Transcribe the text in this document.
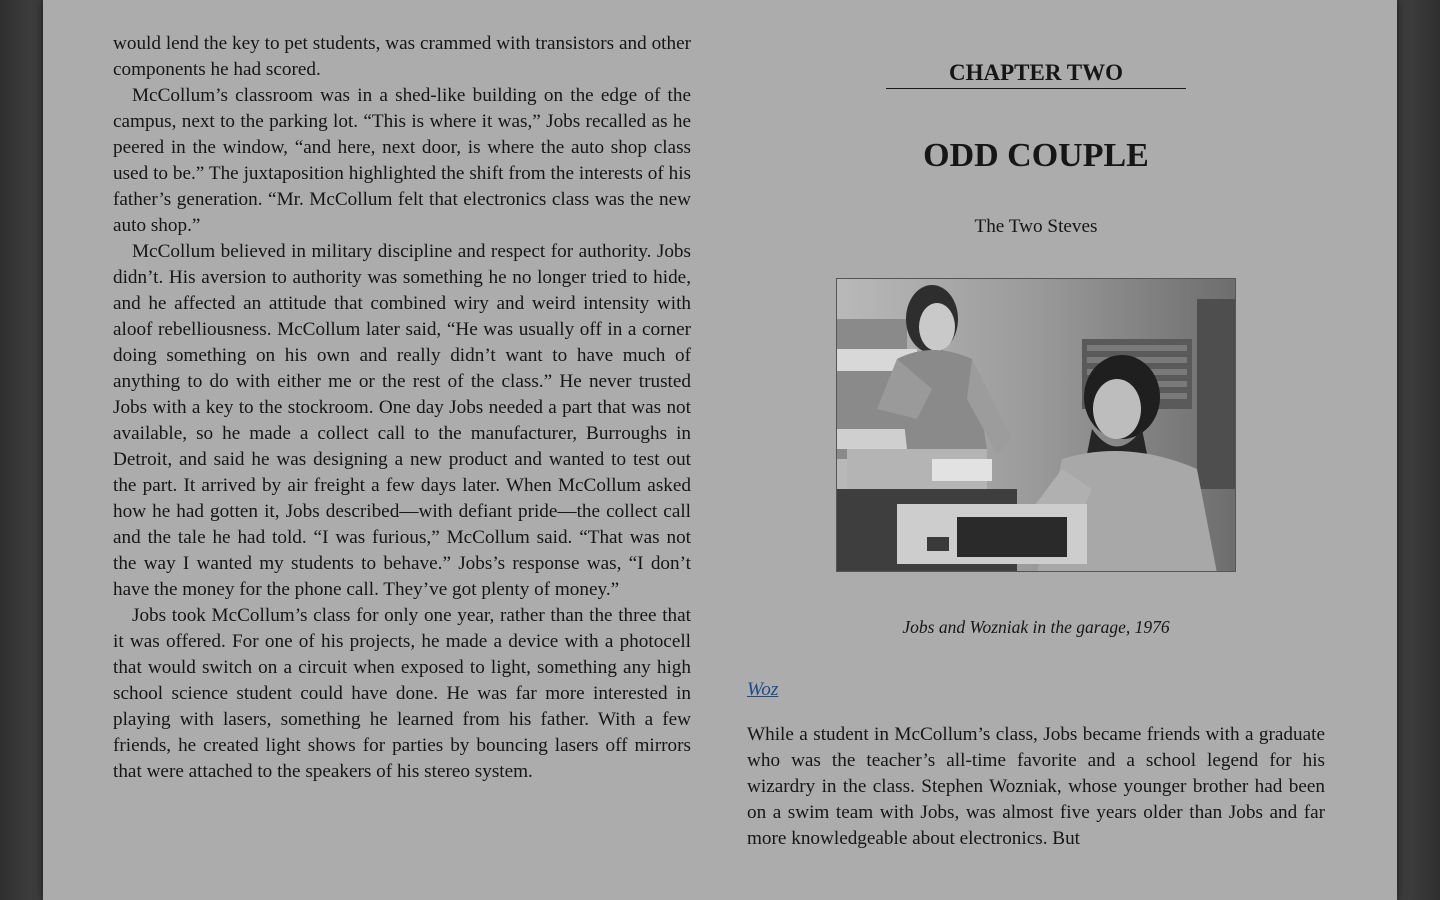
would lend the key to pet students, was crammed with transistors and other components he had scored.

McCollum’s classroom was in a shed-like building on the edge of the campus, next to the parking lot. “This is where it was,” Jobs recalled as he peered in the window, “and here, next door, is where the auto shop class used to be.” The juxtaposition highlighted the shift from the interests of his father’s generation. “Mr. McCollum felt that electronics class was the new auto shop.”

McCollum believed in military discipline and respect for authority. Jobs didn’t. His aversion to authority was something he no longer tried to hide, and he affected an attitude that combined wiry and weird intensity with aloof rebelliousness. McCollum later said, “He was usually off in a corner doing something on his own and really didn’t want to have much of anything to do with either me or the rest of the class.” He never trusted Jobs with a key to the stockroom. One day Jobs needed a part that was not available, so he made a collect call to the manufacturer, Burroughs in Detroit, and said he was designing a new product and wanted to test out the part. It arrived by air freight a few days later. When McCollum asked how he had gotten it, Jobs described—with defiant pride—the collect call and the tale he had told. “I was furious,” McCollum said. “That was not the way I wanted my students to behave.” Jobs’s response was, “I don’t have the money for the phone call. They’ve got plenty of money.”

Jobs took McCollum’s class for only one year, rather than the three that it was offered. For one of his projects, he made a device with a photocell that would switch on a circuit when exposed to light, something any high school science student could have done. He was far more interested in playing with lasers, something he learned from his father. With a few friends, he created light shows for parties by bouncing lasers off mirrors that were attached to the speakers of his stereo system.

CHAPTER TWO
ODD COUPLE
The Two Steves
Jobs and Wozniak in the garage, 1976
Woz

While a student in McCollum’s class, Jobs became friends with a graduate who was the teacher’s all-time favorite and a school legend for his wizardry in the class. Stephen Wozniak, whose younger brother had been on a swim team with Jobs, was almost five years older than Jobs and far more knowledgeable about electronics. But
